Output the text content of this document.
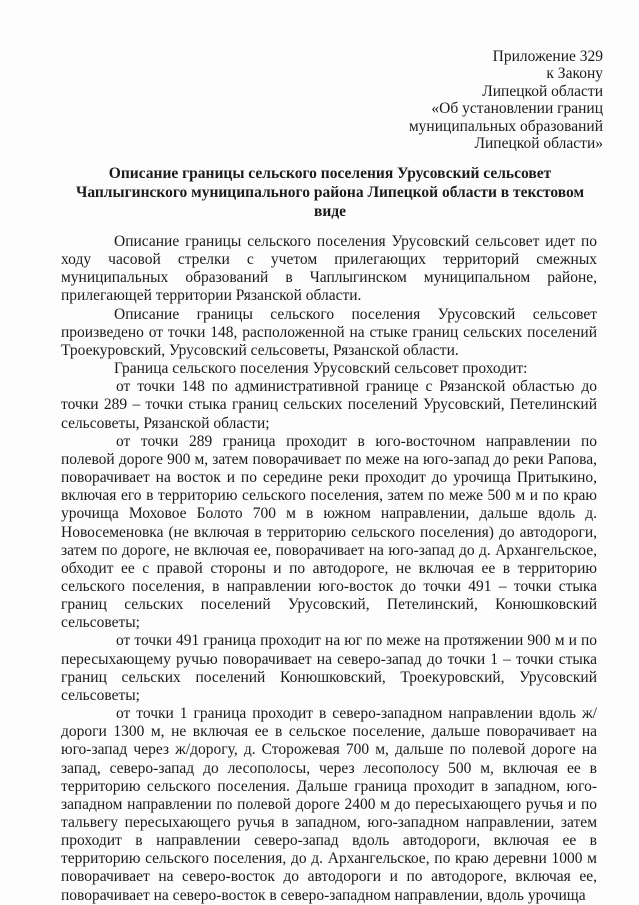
Приложение 329
к Закону
Липецкой области
«Об установлении границ
муниципальных образований
Липецкой области»
Описание границы сельского поселения Урусовский сельсовет
Чаплыгинского муниципального района Липецкой области в текстовом
виде

Описание границы сельского поселения Урусовский сельсовет идет по ходу часовой стрелки с учетом прилегающих территорий смежных муниципальных образований в Чаплыгинском муниципальном районе, прилегающей территории Рязанской области.

Описание границы сельского поселения Урусовский сельсовет произведено от точки 148, расположенной на стыке границ сельских поселений Троекуровский, Урусовский сельсоветы, Рязанской области.

Граница сельского поселения Урусовский сельсовет проходит:

от точки 148 по административной границе с Рязанской областью до точки 289 – точки стыка границ сельских поселений Урусовский, Петелинский сельсоветы, Рязанской области;

от точки 289 граница проходит в юго-восточном направлении по полевой дороге 900 м, затем поворачивает по меже на юго-запад до реки Рапова, поворачивает на восток и по середине реки проходит до урочища Притыкино, включая его в территорию сельского поселения, затем по меже 500 м и по краю урочища Моховое Болото 700 м в южном направлении, дальше вдоль д. Новосеменовка (не включая в территорию сельского поселения) до автодороги, затем по дороге, не включая ее, поворачивает на юго-запад до д. Архангельское, обходит ее с правой стороны и по автодороге, не включая ее в территорию сельского поселения, в направлении юго-восток до точки 491 – точки стыка границ сельских поселений Урусовский, Петелинский, Конюшковский сельсоветы;

от точки 491 граница проходит на юг по меже на протяжении 900 м и по пересыхающему ручью поворачивает на северо-запад до точки 1 – точки стыка границ сельских поселений Конюшковский, Троекуровский, Урусовский сельсоветы;

от точки 1 граница проходит в северо-западном направлении вдоль ж/дороги 1300 м, не включая ее в сельское поселение, дальше поворачивает на юго-запад через ж/дорогу, д. Сторожевая 700 м, дальше по полевой дороге на запад, северо-запад до лесополосы, через лесополосу 500 м, включая ее в территорию сельского поселения. Дальше граница проходит в западном, юго-западном направлении по полевой дороге 2400 м до пересыхающего ручья и по тальвегу пересыхающего ручья в западном, юго-западном направлении, затем проходит в направлении северо-запад вдоль автодороги, включая ее в территорию сельского поселения, до д. Архангельское, по краю деревни 1000 м поворачивает на северо-восток до автодороги и по автодороге, включая ее, поворачивает на северо-восток в северо-западном направлении, вдоль урочища
